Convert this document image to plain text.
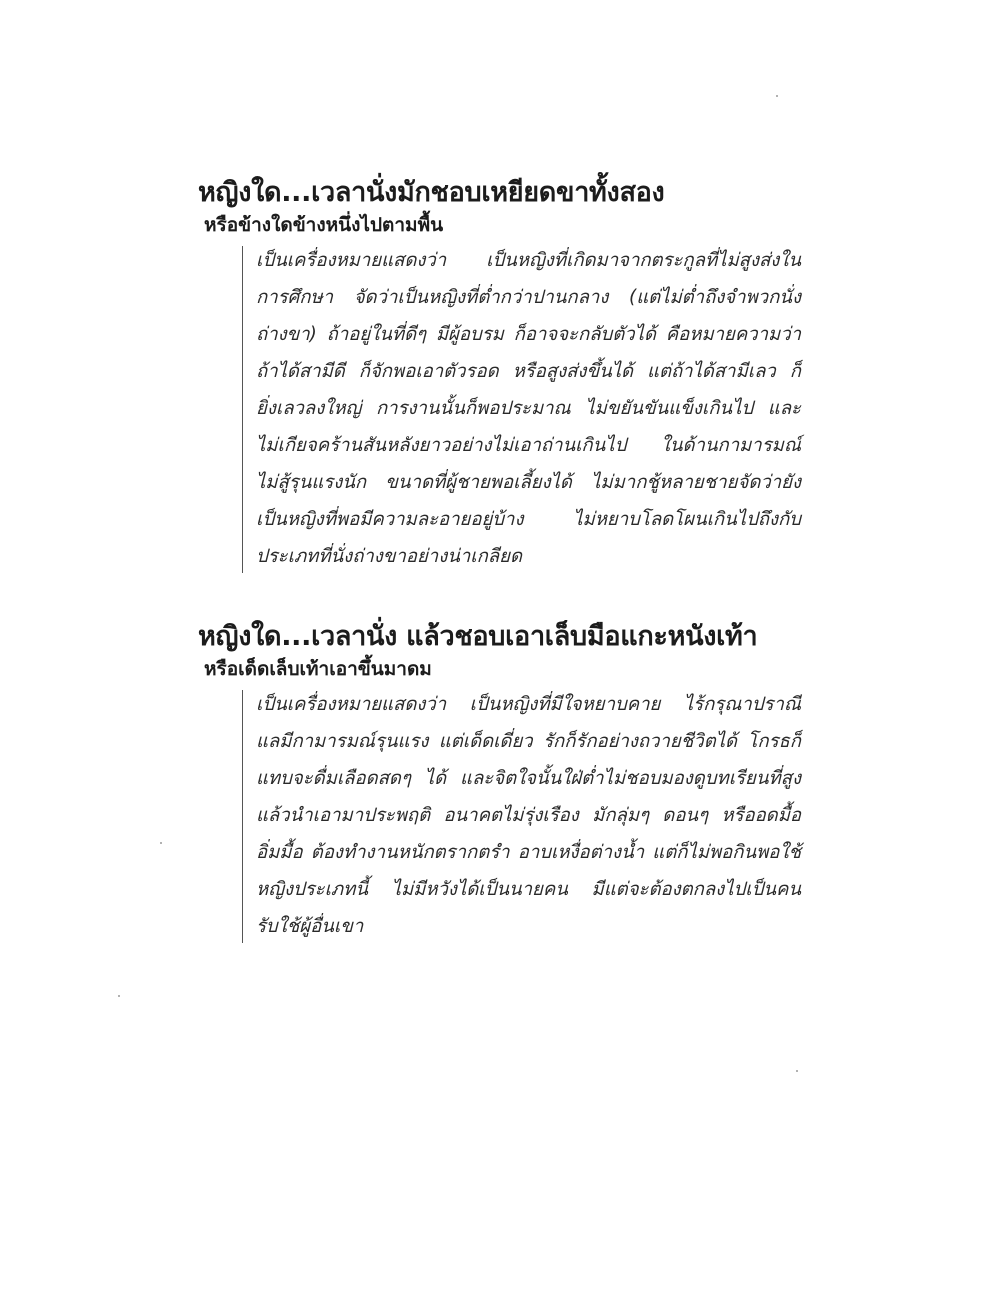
หญิงใด...เวลานั่งมักชอบเหยียดขาทั้งสอง
หรือข้างใดข้างหนึ่งไปตามพื้น
เป็นเครื่องหมายแสดงว่า เป็นหญิงที่เกิดมาจากตระกูลที่ไม่สูงส่งใน
การศึกษา จัดว่าเป็นหญิงที่ต่ำกว่าปานกลาง (แต่ไม่ต่ำถึงจำพวกนั่ง
ถ่างขา) ถ้าอยู่ในที่ดีๆ มีผู้อบรม ก็อาจจะกลับตัวได้ คือหมายความว่า
ถ้าได้สามีดี ก็จักพอเอาตัวรอด หรือสูงส่งขึ้นได้ แต่ถ้าได้สามีเลว ก็
ยิ่งเลวลงใหญ่ การงานนั้นก็พอประมาณ ไม่ขยันขันแข็งเกินไป และ
ไม่เกียจคร้านสันหลังยาวอย่างไม่เอาถ่านเกินไป ในด้านกามารมณ์
ไม่สู้รุนแรงนัก ขนาดที่ผู้ชายพอเลี้ยงได้ ไม่มากชู้หลายชายจัดว่ายัง
เป็นหญิงที่พอมีความละอายอยู่บ้าง ไม่หยาบโลดโผนเกินไปถึงกับ
ประเภทที่นั่งถ่างขาอย่างน่าเกลียด
หญิงใด...เวลานั่ง แล้วชอบเอาเล็บมือแกะหนังเท้า
หรือเด็ดเล็บเท้าเอาขึ้นมาดม
เป็นเครื่องหมายแสดงว่า เป็นหญิงที่มีใจหยาบคาย ไร้กรุณาปราณี
แลมีกามารมณ์รุนแรง แต่เด็ดเดี่ยว รักก็รักอย่างถวายชีวิตได้ โกรธก็
แทบจะดื่มเลือดสดๆ ได้ และจิตใจนั้นใฝ่ต่ำไม่ชอบมองดูบทเรียนที่สูง
แล้วนำเอามาประพฤติ อนาคตไม่รุ่งเรือง มักลุ่มๆ ดอนๆ หรืออดมื้อ
อิ่มมื้อ ต้องทำงานหนักตรากตรำ อาบเหงื่อต่างน้ำ แต่ก็ไม่พอกินพอใช้
หญิงประเภทนี้ ไม่มีหวังได้เป็นนายคน มีแต่จะต้องตกลงไปเป็นคน
รับใช้ผู้อื่นเขา
